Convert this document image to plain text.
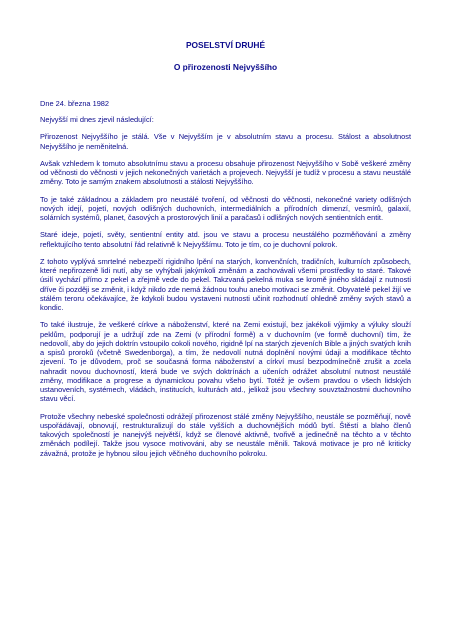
POSELSTVÍ DRUHÉ

O přirozenosti Nejvyššího

Dne 24. března 1982

Nejvyšší mi dnes zjevil následující:

Přirozenost Nejvyššího je stálá. Vše v Nejvyšším je v absolutním stavu a procesu. Stálost a absolutnost Nejvyššího je neměnitelná.

Avšak vzhledem k tomuto absolutnímu stavu a procesu obsahuje přirozenost Nejvyššího v Sobě veškeré změny od věčnosti do věčnosti v jejich nekonečných varietách a projevech. Nejvyšší je tudíž v procesu a stavu neustálé změny. Toto je samým znakem absolutnosti a stálosti Nejvyššího.

To je také základnou a základem pro neustálé tvoření, od věčnosti do věčnosti, nekonečné variety odlišných nových idejí, pojetí, nových odlišných duchovních, intermediálních a přírodních dimenzí, vesmírů, galaxií, solárních systémů, planet, časových a prostorových linií a paračasů i odlišných nových sentientních entit.

Staré ideje, pojetí, světy, sentientní entity atd. jsou ve stavu a procesu neustálého pozměňování a změny reflektujícího tento absolutní řád relativně k Nejvyššímu. Toto je tím, co je duchovní pokrok.

Z tohoto vyplývá smrtelné nebezpečí rigidního lpění na starých, konvenčních, tradičních, kulturních způsobech, které nepřirozeně lidi nutí, aby se vyhýbali jakýmkoli změnám a zachovávali všemi prostředky to staré. Takové úsilí vychází přímo z pekel a zřejmě vede do pekel. Takzvaná pekelná muka se kromě jiného skládají z nutnosti dříve či později se změnit, i když nikdo zde nemá žádnou touhu anebo motivaci se změnit. Obyvatelé pekel žijí ve stálém teroru očekávajíce, že kdykoli budou vystaveni nutnosti učinit rozhodnutí ohledně změny svých stavů a kondic.

To také ilustruje, že veškeré církve a náboženství, které na Zemi existují, bez jakékoli výjimky a výluky slouží peklům, podporují je a udržují zde na Zemi (v přírodní formě) a v duchovním (ve formě duchovní) tím, že nedovolí, aby do jejich doktrín vstoupilo cokoli nového, rigidně lpí na starých zjeveních Bible a jiných svatých knih a spisů proroků (včetně Swedenborga), a tím, že nedovolí nutná doplnění novými údaji a modifikace těchto zjevení. To je důvodem, proč se současná forma náboženství a církví musí bezpodmínečně zrušit a zcela nahradit novou duchovností, která bude ve svých doktrínách a učeních odrážet absolutní nutnost neustálé změny, modifikace a progrese a dynamickou povahu všeho bytí. Totéž je ovšem pravdou o všech lidských ustanoveních, systémech, vládách, institucích, kulturách atd., jelikož jsou všechny souvztažnostmi duchovního stavu věcí.

Protože všechny nebeské společnosti odrážejí přirozenost stálé změny Nejvyššího, neustále se pozměňují, nově uspořádávají, obnovují, restrukturalizují do stále vyšších a duchovnějších módů bytí. Štěstí a blaho členů takových společností je nanejvýš největší, když se členové aktivně, tvořivě a jedinečně na těchto a v těchto změnách podílejí. Takže jsou vysoce motivováni, aby se neustále měnili. Taková motivace je pro ně kriticky závažná, protože je hybnou silou jejich věčného duchovního pokroku.
